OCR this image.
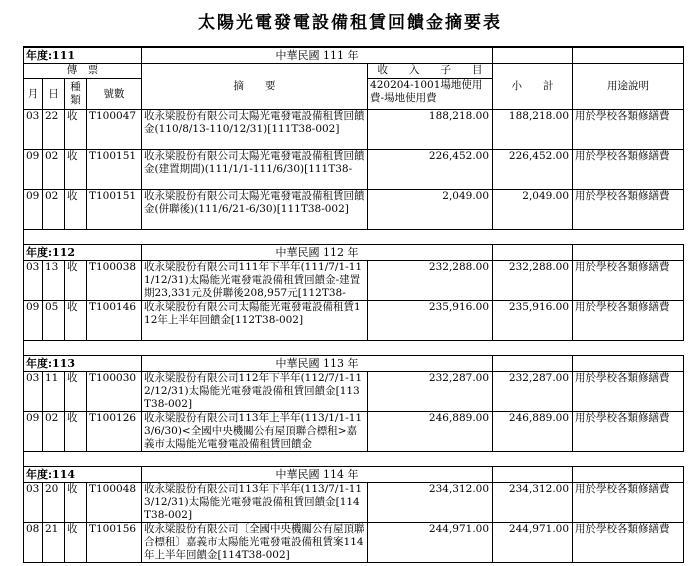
太陽光電發電設備租賃回饋金摘要表
年度:111				中華民國 111 年			
傳　票				摘　　要	收　　入　　子　　目	小　　計	用途說明
月	日	種類	號數		420204-1001場地使用費-場地使用費		

03	22	收	T100047	收永梁股份有限公司太陽光電發電設備租賃回饋金(110/8/13-110/12/31)[111T38-002]	188,218.00	188,218.00	用於學校各類修繕費
09	02	收	T100151	收永梁股份有限公司太陽光電發電設備租賃回饋金(建置期間)(111/1/1-111/6/30)[111T38-	226,452.00	226,452.00	用於學校各類修繕費
09	02	收	T100151	收永梁股份有限公司太陽光電發電設備租賃回饋金(併聯後)(111/6/21-6/30)[111T38-002]	2,049.00	2,049.00	用於學校各類修繕費

年度:112				中華民國 112 年			
03	13	收	T100038	收永梁股份有限公司111年下半年(111/7/1-111/12/31)太陽能光電發電設備租賃回饋金-建置期23,331元及併聯後208,957元[112T38-	232,288.00	232,288.00	用於學校各類修繕費
09	05	收	T100146	收永梁股份有限公司太陽能光電發電設備租賃112年上半年回饋金[112T38-002]	235,916.00	235,916.00	用於學校各類修繕費

年度:113				中華民國 113 年			
03	11	收	T100030	收永梁股份有限公司112年下半年(112/7/1-112/12/31)太陽能光電發電設備租賃回饋金[113T38-002]	232,287.00	232,287.00	用於學校各類修繕費
09	02	收	T100126	收永梁股份有限公司113年上半年(113/1/1-113/6/30)<全國中央機關公有屋頂聯合標租>嘉義市太陽能光電發電設備租賃回饋金	246,889.00	246,889.00	用於學校各類修繕費

年度:114				中華民國 114 年			
03	20	收	T100048	收永梁股份有限公司113年下半年(113/7/1-113/12/31)太陽能光電發電設備租賃回饋金[114T38-002]	234,312.00	234,312.00	用於學校各類修繕費
08	21	收	T100156	收永梁股份有限公司〔全國中央機關公有屋頂聯合標租〕嘉義市太陽能光電發電設備租賃案114年上半年回饋金[114T38-002]	244,971.00	244,971.00	用於學校各類修繕費
